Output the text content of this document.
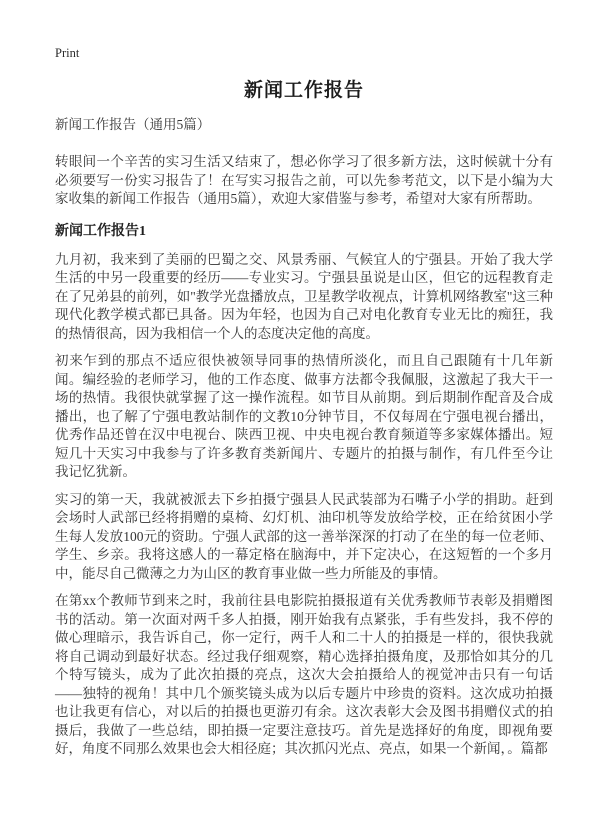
Print
新闻工作报告
新闻工作报告（通用5篇）

转眼间一个辛苦的实习生活又结束了，想必你学习了很多新方法，这时候就十分有必须要写一份实习报告了！在写实习报告之前，可以先参考范文，以下是小编为大家收集的新闻工作报告（通用5篇），欢迎大家借鉴与参考，希望对大家有所帮助。

新闻工作报告1

九月初，我来到了美丽的巴蜀之交、风景秀丽、气候宜人的宁强县。开始了我大学生活的中另一段重要的经历——专业实习。宁强县虽说是山区，但它的远程教育走在了兄弟县的前列，如"教学光盘播放点，卫星教学收视点，计算机网络教室"这三种现代化教学模式都已具备。因为年轻，也因为自己对电化教育专业无比的痴狂，我的热情很高，因为我相信一个人的态度决定他的高度。

初来乍到的那点不适应很快被领导同事的热情所淡化，而且自己跟随有十几年新闻。编经验的老师学习，他的工作态度、做事方法都令我佩服，这激起了我大干一场的热情。我很快就掌握了这一操作流程。如节目从前期。到后期制作配音及合成播出，也了解了宁强电教站制作的文教10分钟节目，不仅每周在宁强电视台播出，优秀作品还曾在汉中电视台、陕西卫视、中央电视台教育频道等多家媒体播出。短短几十天实习中我参与了许多教育类新闻片、专题片的拍摄与制作，有几件至今让我记忆犹新。

实习的第一天，我就被派去下乡拍摄宁强县人民武装部为石嘴子小学的捐助。赶到会场时人武部已经将捐赠的桌椅、幻灯机、油印机等发放给学校，正在给贫困小学生每人发放100元的资助。宁强人武部的这一善举深深的打动了在坐的每一位老师、学生、乡亲。我将这感人的一幕定格在脑海中，并下定决心，在这短暂的一个多月中，能尽自己微薄之力为山区的教育事业做一些力所能及的事情。

在第xx个教师节到来之时，我前往县电影院拍摄报道有关优秀教师节表彰及捐赠图书的活动。第一次面对两千多人拍摄，刚开始我有点紧张，手有些发抖，我不停的做心理暗示，我告诉自己，你一定行，两千人和二十人的拍摄是一样的，很快我就将自己调动到最好状态。经过我仔细观察，精心选择拍摄角度，及那恰如其分的几个特写镜头，成为了此次拍摄的亮点，这次大会拍摄给人的视觉冲击只有一句话——独特的视角！其中几个颁奖镜头成为以后专题片中珍贵的资料。这次成功拍摄也让我更有信心，对以后的拍摄也更游刃有余。这次表彰大会及图书捐赠仪式的拍摄后，我做了一些总结，即拍摄一定要注意技巧。首先是选择好的角度，即视角要好，角度不同那么效果也会大相径庭；其次抓闪光点、亮点，如果一个新闻，。篇都
